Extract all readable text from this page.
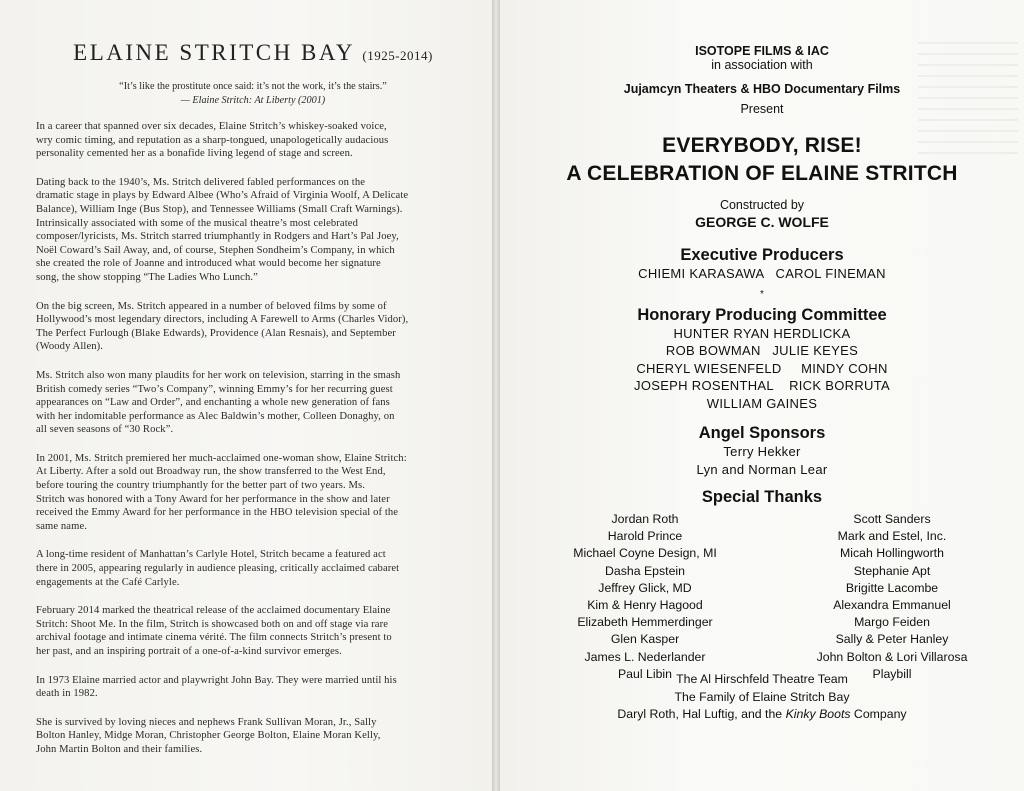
ELAINE STRITCH BAY (1925-2014)
“It’s like the prostitute once said: it’s not the work, it’s the stairs.”
— Elaine Stritch: At Liberty (2001)

In a career that spanned over six decades, Elaine Stritch’s whiskey-soaked voice,
wry comic timing, and reputation as a sharp-tongued, unapologetically audacious
personality cemented her as a bonafide living legend of stage and screen.

Dating back to the 1940’s, Ms. Stritch delivered fabled performances on the
dramatic stage in plays by Edward Albee (Who’s Afraid of Virginia Woolf, A Delicate
Balance), William Inge (Bus Stop), and Tennessee Williams (Small Craft Warnings).
Intrinsically associated with some of the musical theatre’s most celebrated
composer/lyricists, Ms. Stritch starred triumphantly in Rodgers and Hart’s Pal Joey,
Noël Coward’s Sail Away, and, of course, Stephen Sondheim’s Company, in which
she created the role of Joanne and introduced what would become her signature
song, the show stopping “The Ladies Who Lunch.”

On the big screen, Ms. Stritch appeared in a number of beloved films by some of
Hollywood’s most legendary directors, including A Farewell to Arms (Charles Vidor),
The Perfect Furlough (Blake Edwards), Providence (Alan Resnais), and September
(Woody Allen).

Ms. Stritch also won many plaudits for her work on television, starring in the smash
British comedy series “Two’s Company”, winning Emmy’s for her recurring guest
appearances on “Law and Order”, and enchanting a whole new generation of fans
with her indomitable performance as Alec Baldwin’s mother, Colleen Donaghy, on
all seven seasons of “30 Rock”.

In 2001, Ms. Stritch premiered her much-acclaimed one-woman show, Elaine Stritch:
At Liberty. After a sold out Broadway run, the show transferred to the West End,
before touring the country triumphantly for the better part of two years. Ms.
Stritch was honored with a Tony Award for her performance in the show and later
received the Emmy Award for her performance in the HBO television special of the
same name.

A long-time resident of Manhattan’s Carlyle Hotel, Stritch became a featured act
there in 2005, appearing regularly in audience pleasing, critically acclaimed cabaret
engagements at the Café Carlyle.

February 2014 marked the theatrical release of the acclaimed documentary Elaine
Stritch: Shoot Me. In the film, Stritch is showcased both on and off stage via rare
archival footage and intimate cinema vérité. The film connects Stritch’s present to
her past, and an inspiring portrait of a one-of-a-kind survivor emerges.

In 1973 Elaine married actor and playwright John Bay. They were married until his
death in 1982.

She is survived by loving nieces and nephews Frank Sullivan Moran, Jr., Sally
Bolton Hanley, Midge Moran, Christopher George Bolton, Elaine Moran Kelly,
John Martin Bolton and their families.

ISOTOPE FILMS & IAC
in association with
Jujamcyn Theaters & HBO Documentary Films
Present
EVERYBODY, RISE!
A CELEBRATION OF ELAINE STRITCH
Constructed by
GEORGE C. WOLFE
Executive Producers
CHIEMI KARASAWA   CAROL FINEMAN
*
Honorary Producing Committee
HUNTER RYAN HERDLICKA
ROB BOWMAN   JULIE KEYES
CHERYL WIESENFELD     MINDY COHN
JOSEPH ROSENTHAL    RICK BORRUTA
WILLIAM GAINES
Angel Sponsors
Terry Hekker
Lyn and Norman Lear
Special Thanks
Jordan Roth
Harold Prince
Michael Coyne Design, MI
Dasha Epstein
Jeffrey Glick, MD
Kim & Henry Hagood
Elizabeth Hemmerdinger
Glen Kasper
James L. Nederlander
Paul Libin
Scott Sanders
Mark and Estel, Inc.
Micah Hollingworth
Stephanie Apt
Brigitte Lacombe
Alexandra Emmanuel
Margo Feiden
Sally & Peter Hanley
John Bolton & Lori Villarosa
Playbill
The Al Hirschfeld Theatre Team
The Family of Elaine Stritch Bay
Daryl Roth, Hal Luftig, and the Kinky Boots Company
